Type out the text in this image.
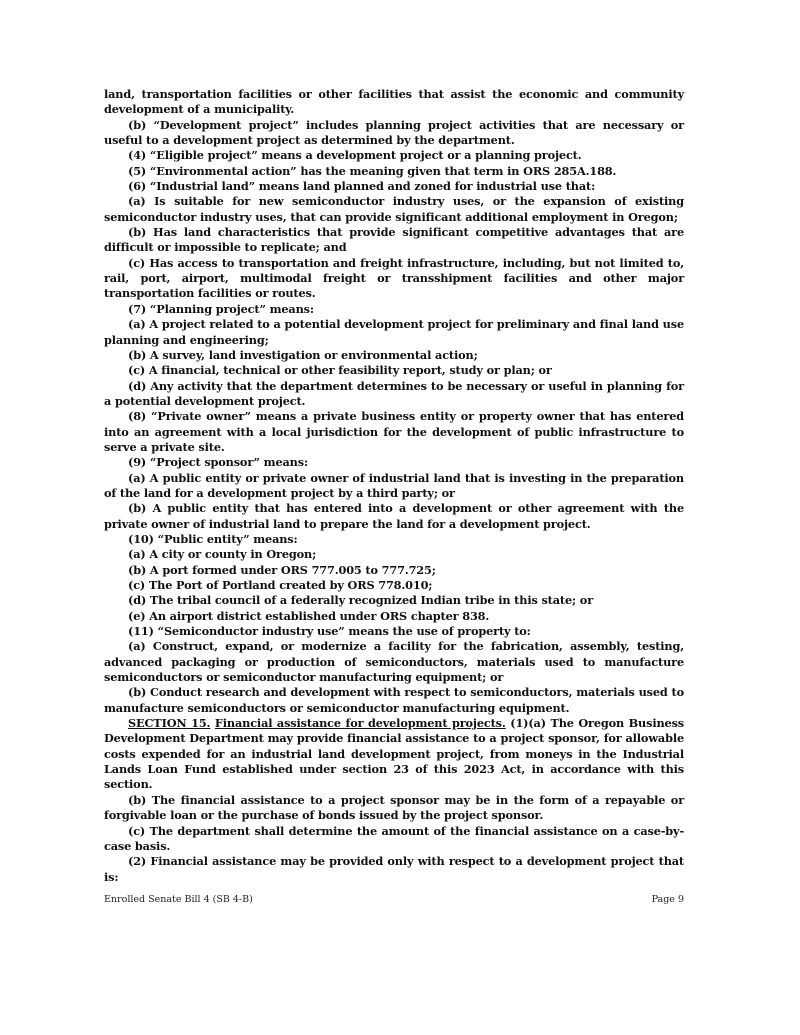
land, transportation facilities or other facilities that assist the economic and community development of a municipality.

(b) “Development project” includes planning project activities that are necessary or useful to a development project as determined by the department.

(4) “Eligible project” means a development project or a planning project.

(5) “Environmental action” has the meaning given that term in ORS 285A.188.

(6) “Industrial land” means land planned and zoned for industrial use that:

(a) Is suitable for new semiconductor industry uses, or the expansion of existing semiconductor industry uses, that can provide significant additional employment in Oregon;

(b) Has land characteristics that provide significant competitive advantages that are difficult or impossible to replicate; and

(c) Has access to transportation and freight infrastructure, including, but not limited to, rail, port, airport, multimodal freight or transshipment facilities and other major transportation facilities or routes.

(7) “Planning project” means:

(a) A project related to a potential development project for preliminary and final land use planning and engineering;

(b) A survey, land investigation or environmental action;

(c) A financial, technical or other feasibility report, study or plan; or

(d) Any activity that the department determines to be necessary or useful in planning for a potential development project.

(8) “Private owner” means a private business entity or property owner that has entered into an agreement with a local jurisdiction for the development of public infrastructure to serve a private site.

(9) “Project sponsor” means:

(a) A public entity or private owner of industrial land that is investing in the preparation of the land for a development project by a third party; or

(b) A public entity that has entered into a development or other agreement with the private owner of industrial land to prepare the land for a development project.

(10) “Public entity” means:

(a) A city or county in Oregon;

(b) A port formed under ORS 777.005 to 777.725;

(c) The Port of Portland created by ORS 778.010;

(d) The tribal council of a federally recognized Indian tribe in this state; or

(e) An airport district established under ORS chapter 838.

(11) “Semiconductor industry use” means the use of property to:

(a) Construct, expand, or modernize a facility for the fabrication, assembly, testing, advanced packaging or production of semiconductors, materials used to manufacture semiconductors or semiconductor manufacturing equipment; or

(b) Conduct research and development with respect to semiconductors, materials used to manufacture semiconductors or semiconductor manufacturing equipment.

SECTION 15. Financial assistance for development projects. (1)(a) The Oregon Business Development Department may provide financial assistance to a project sponsor, for allowable costs expended for an industrial land development project, from moneys in the Industrial Lands Loan Fund established under section 23 of this 2023 Act, in accordance with this section.

(b) The financial assistance to a project sponsor may be in the form of a repayable or forgivable loan or the purchase of bonds issued by the project sponsor.

(c) The department shall determine the amount of the financial assistance on a case-by-case basis.

(2) Financial assistance may be provided only with respect to a development project that is:

Enrolled Senate Bill 4 (SB 4-B)	Page 9
